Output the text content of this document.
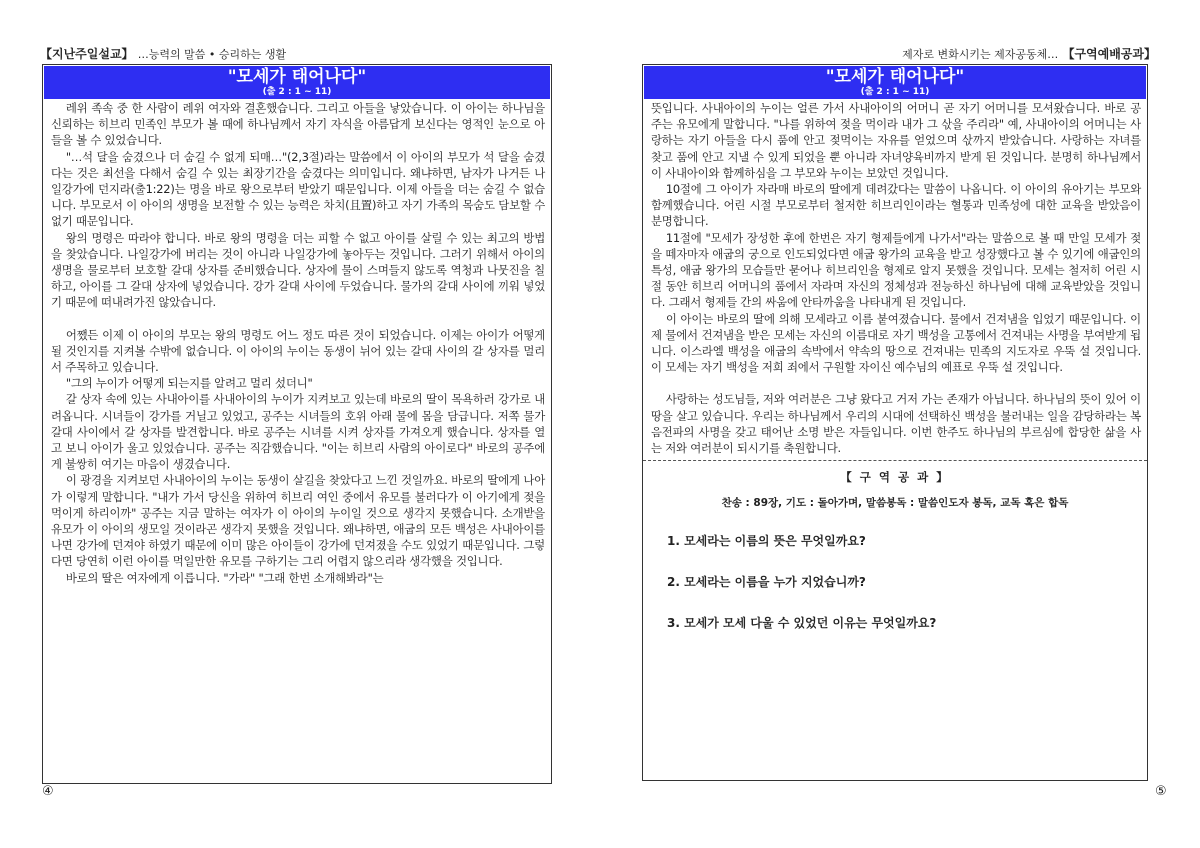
【지난주일설교】 …능력의 말씀 • 승리하는 생활	제자로 변화시키는 제자공동체… 【구역예배공과】
"모세가 태어나다"
(출 2 : 1 ~ 11)

레위 족속 중 한 사람이 레위 여자와 결혼했습니다. 그리고 아들을 낳았습니다. 이 아이는 하나님을 신뢰하는 히브리 민족인 부모가 볼 때에 하나님께서 자기 자식을 아름답게 보신다는 영적인 눈으로 아들을 볼 수 있었습니다.

"…석 달을 숨겼으나 더 숨길 수 없게 되매…"(2,3절)라는 말씀에서 이 아이의 부모가 석 달을 숨겼다는 것은 최선을 다해서 숨길 수 있는 최장기간을 숨겼다는 의미입니다. 왜냐하면, 남자가 나거든 나일강가에 던지라(출1:22)는 명을 바로 왕으로부터 받았기 때문입니다. 이제 아들을 더는 숨길 수 없습니다. 부모로서 이 아이의 생명을 보전할 수 있는 능력은 차치(且置)하고 자기 가족의 목숨도 담보할 수 없기 때문입니다.

왕의 명령은 따라야 합니다. 바로 왕의 명령을 더는 피할 수 없고 아이를 살릴 수 있는 최고의 방법을 찾았습니다. 나일강가에 버리는 것이 아니라 나일강가에 놓아두는 것입니다. 그러기 위해서 아이의 생명을 물로부터 보호할 갈대 상자를 준비했습니다. 상자에 물이 스며들지 않도록 역청과 나뭇진을 칠하고, 아이를 그 갈대 상자에 넣었습니다. 강가 갈대 사이에 두었습니다. 물가의 갈대 사이에 끼워 넣었기 때문에 떠내려가진 않았습니다.

어쨌든 이제 이 아이의 부모는 왕의 명령도 어느 정도 따른 것이 되었습니다. 이제는 아이가 어떻게 될 것인지를 지켜볼 수밖에 없습니다. 이 아이의 누이는 동생이 뉘어 있는 갈대 사이의 갈 상자를 멀리서 주목하고 있습니다.

"그의 누이가 어떻게 되는지를 알려고 멀리 섰더니"

갈 상자 속에 있는 사내아이를 사내아이의 누이가 지켜보고 있는데 바로의 딸이 목욕하러 강가로 내려옵니다. 시녀들이 강가를 거닐고 있었고, 공주는 시녀들의 호위 아래 물에 몸을 담급니다. 저쪽 물가 갈대 사이에서 갈 상자를 발견합니다. 바로 공주는 시녀를 시켜 상자를 가져오게 했습니다. 상자를 열고 보니 아이가 울고 있었습니다. 공주는 직감했습니다. "이는 히브리 사람의 아이로다" 바로의 공주에게 불쌍히 여기는 마음이 생겼습니다.

이 광경을 지켜보던 사내아이의 누이는 동생이 살길을 찾았다고 느낀 것일까요. 바로의 딸에게 나아가 이렇게 말합니다. "내가 가서 당신을 위하여 히브리 여인 중에서 유모를 불러다가 이 아기에게 젖을 먹이게 하리이까" 공주는 지금 말하는 여자가 이 아이의 누이일 것으로 생각지 못했습니다. 소개받을 유모가 이 아이의 생모일 것이라곤 생각지 못했을 것입니다. 왜냐하면, 애굽의 모든 백성은 사내아이를 나면 강가에 던져야 하였기 때문에 이미 많은 아이들이 강가에 던져졌을 수도 있었기 때문입니다. 그렇다면 당연히 이런 아이를 먹일만한 유모를 구하기는 그리 어렵지 않으리라 생각했을 것입니다.

바로의 딸은 여자에게 이릅니다. "가라" "그래 한번 소개해봐라"는

④
"모세가 태어나다"
(출 2 : 1 ~ 11)

뜻입니다. 사내아이의 누이는 얼른 가서 사내아이의 어머니 곧 자기 어머니를 모셔왔습니다. 바로 공주는 유모에게 말합니다. "나를 위하여 젖을 먹이라 내가 그 삯을 주리라" 예, 사내아이의 어머니는 사랑하는 자기 아들을 다시 품에 안고 젖먹이는 자유를 얻었으며 삯까지 받았습니다. 사랑하는 자녀를 찾고 품에 안고 지낼 수 있게 되었을 뿐 아니라 자녀양육비까지 받게 된 것입니다. 분명히 하나님께서 이 사내아이와 함께하심을 그 부모와 누이는 보았던 것입니다.

10절에 그 아이가 자라매 바로의 딸에게 데려갔다는 말씀이 나옵니다. 이 아이의 유아기는 부모와 함께했습니다. 어린 시절 부모로부터 철저한 히브리인이라는 혈통과 민족성에 대한 교육을 받았음이 분명합니다.

11절에 "모세가 장성한 후에 한번은 자기 형제들에게 나가서"라는 말씀으로 볼 때 만일 모세가 젖을 떼자마자 애굽의 궁으로 인도되었다면 애굽 왕가의 교육을 받고 성장했다고 볼 수 있기에 애굽인의 특성, 애굽 왕가의 모습들만 묻어나 히브리인을 형제로 알지 못했을 것입니다. 모세는 철저히 어린 시절 동안 히브리 어머니의 품에서 자라며 자신의 정체성과 전능하신 하나님에 대해 교육받았을 것입니다. 그래서 형제들 간의 싸움에 안타까움을 나타내게 된 것입니다.

이 아이는 바로의 딸에 의해 모세라고 이름 붙여졌습니다. 물에서 건져냄을 입었기 때문입니다. 이제 물에서 건져냄을 받은 모세는 자신의 이름대로 자기 백성을 고통에서 건져내는 사명을 부여받게 됩니다. 이스라엘 백성을 애굽의 속박에서 약속의 땅으로 건져내는 민족의 지도자로 우뚝 설 것입니다. 이 모세는 자기 백성을 저희 죄에서 구원할 자이신 예수님의 예표로 우뚝 설 것입니다.

사랑하는 성도님들, 저와 여러분은 그냥 왔다고 거저 가는 존재가 아닙니다. 하나님의 뜻이 있어 이 땅을 살고 있습니다. 우리는 하나님께서 우리의 시대에 선택하신 백성을 불러내는 일을 감당하라는 복음전파의 사명을 갖고 태어난 소명 받은 자들입니다. 이번 한주도 하나님의 부르심에 합당한 삶을 사는 저와 여러분이 되시기를 축원합니다.

【 구 역 공 과 】
찬송 : 89장, 기도 : 돌아가며, 말씀봉독 : 말씀인도자 봉독, 교독 혹은 합독
1. 모세라는 이름의 뜻은 무엇일까요?
2. 모세라는 이름을 누가 지었습니까?
3. 모세가 모세 다울 수 있었던 이유는 무엇일까요?
⑤
